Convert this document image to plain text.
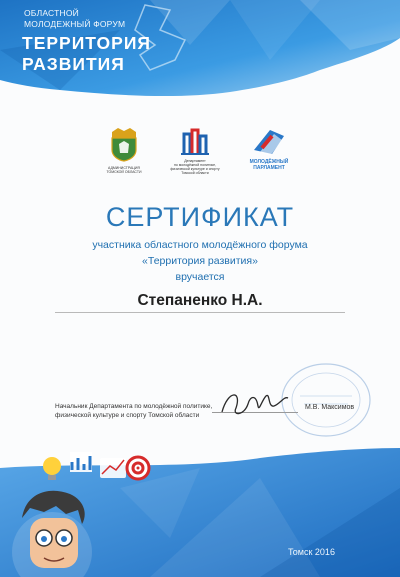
ОБЛАСТНОЙ
МОЛОДЕЖНЫЙ ФОРУМ
ТЕРРИТОРИЯ
РАЗВИТИЯ
АДМИНИСТРАЦИЯ
ТОМСКОЙ ОБЛАСТИ
Департамент
по молодёжной политике,
физической культуре и спорту
Томской области
МОЛОДЁЖНЫЙ
ПАРЛАМЕНТ
СЕРТИФИКАТ
участника областного молодёжного форума
«Территория развития»
вручается
Степаненко Н.А.
Начальник Департамента по молодёжной политике,
физической культуре и спорту Томской области
М.В. Максимов
Томск 2016
